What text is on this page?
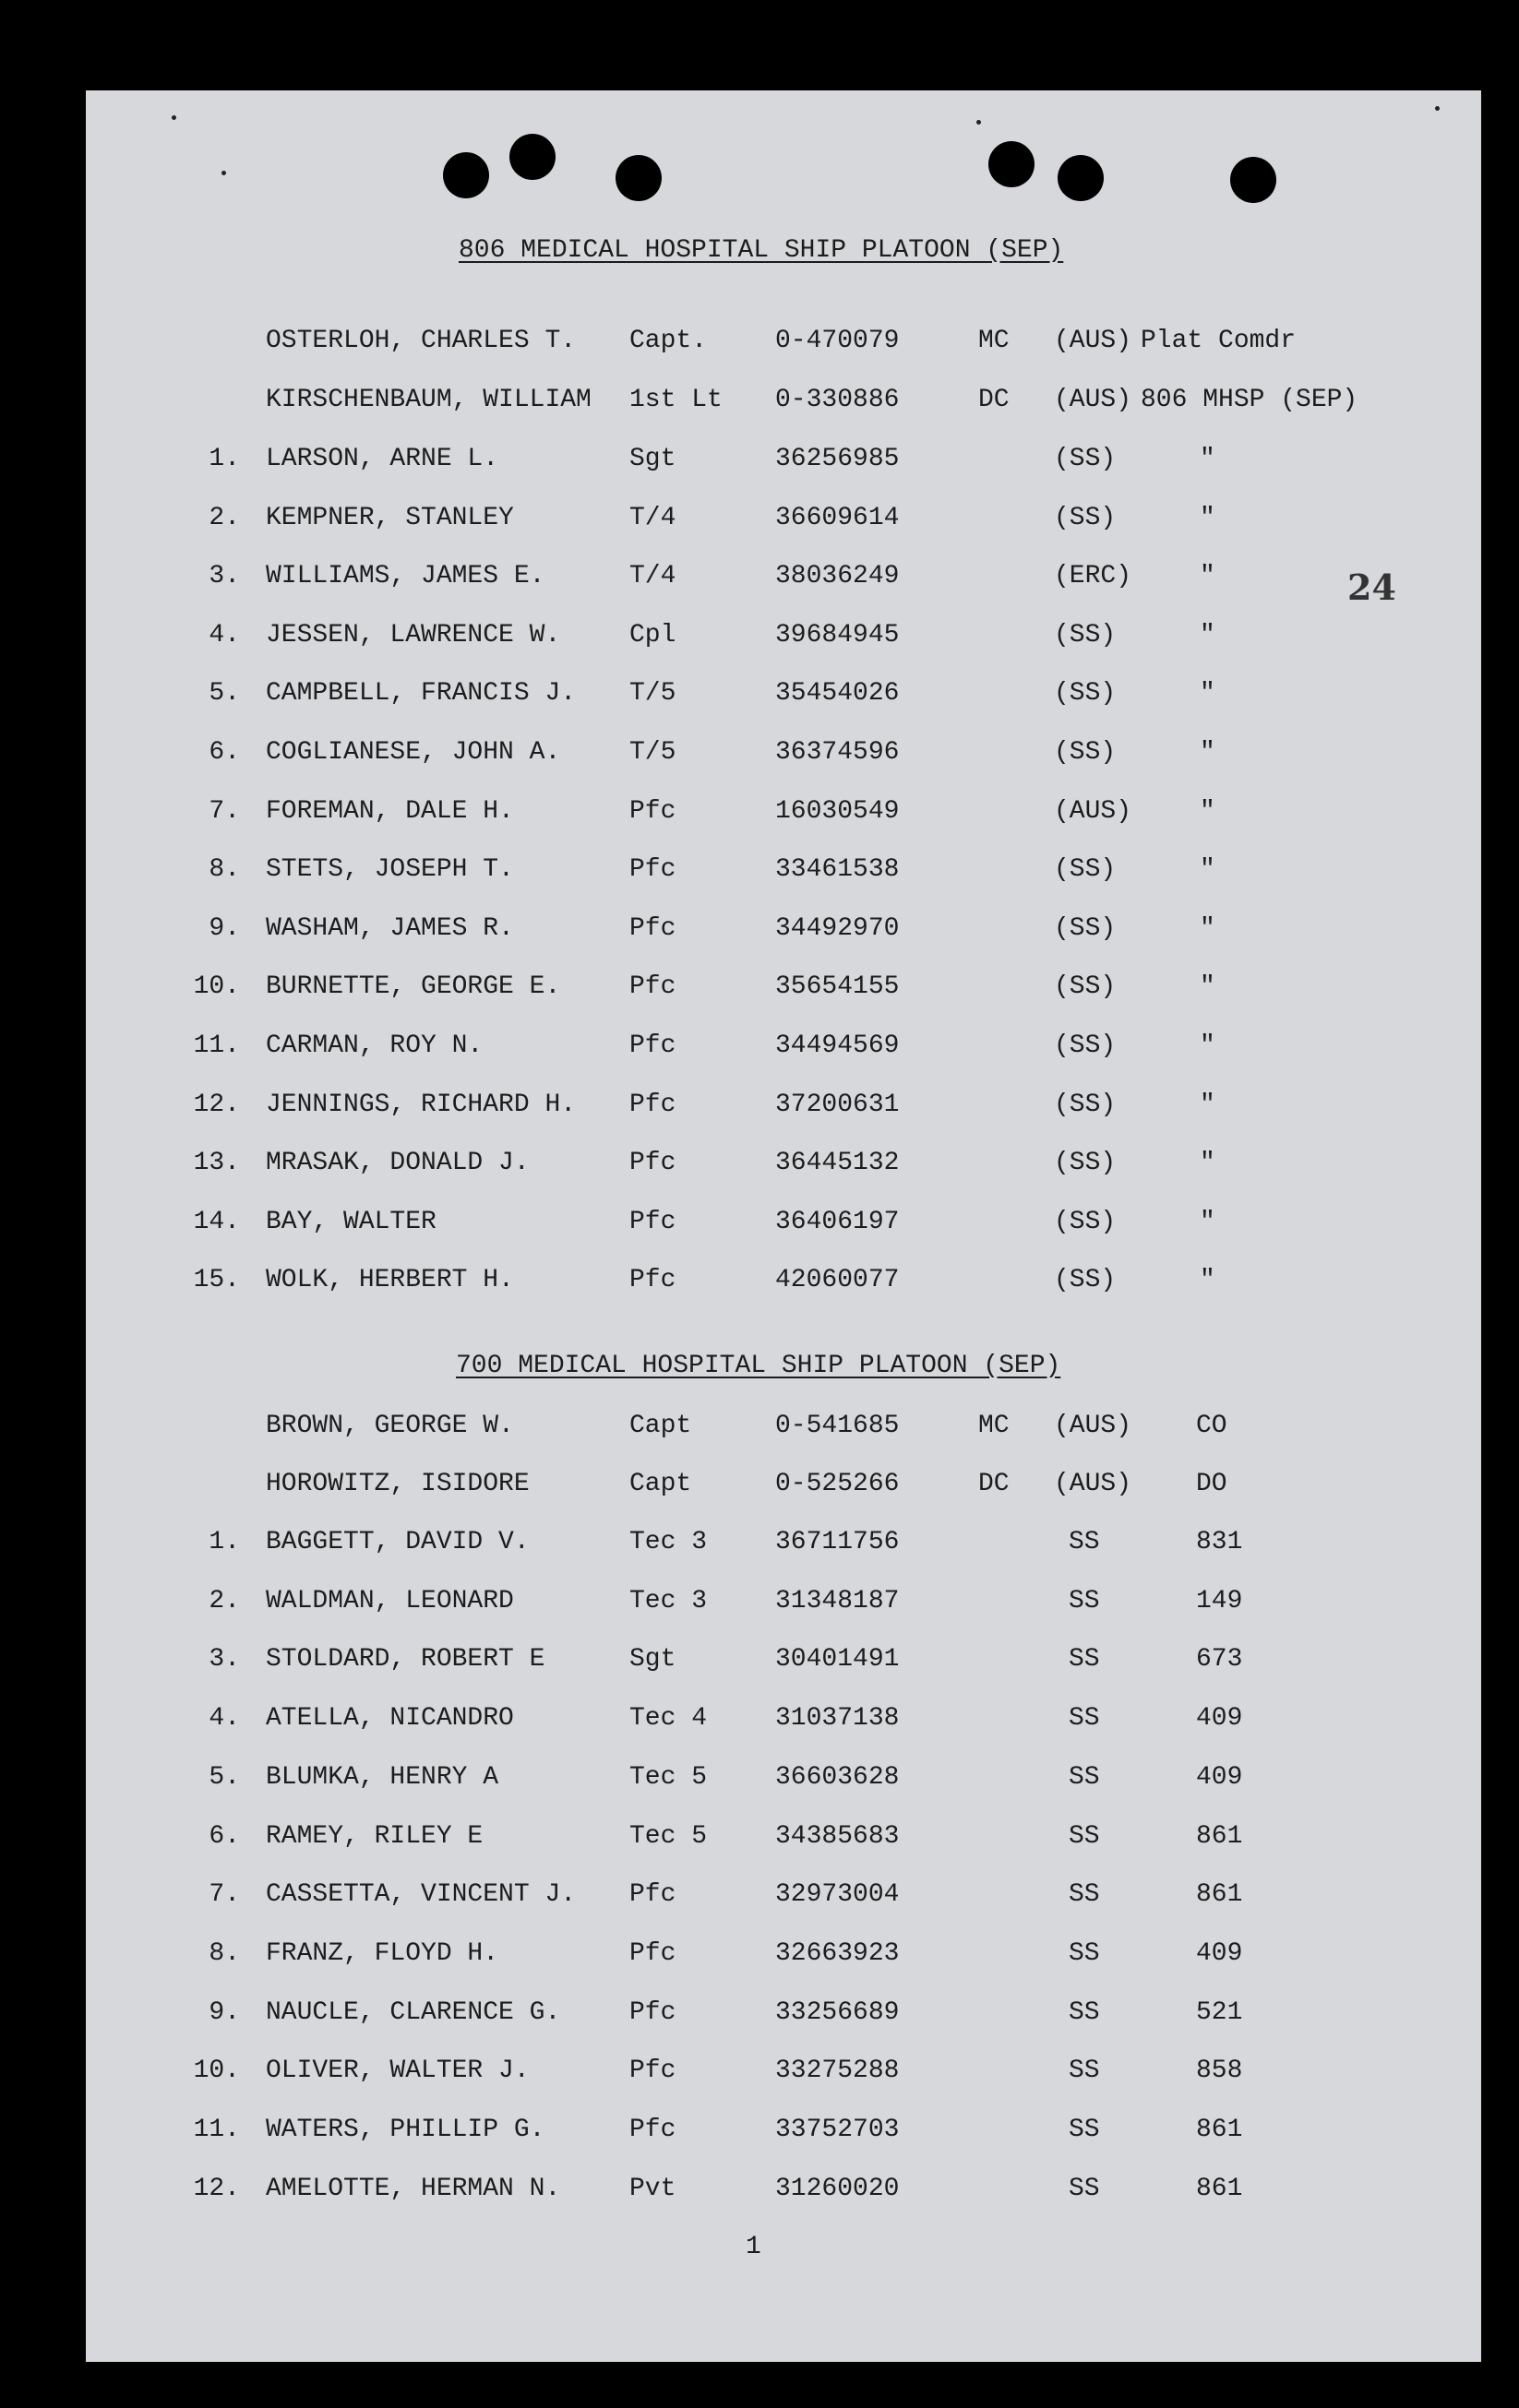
806 MEDICAL HOSPITAL SHIP PLATOON (SEP)
OSTERLOH, CHARLES T. Capt.	0-470079	MC (AUS) Plat Comdr
KIRSCHENBAUM, WILLIAM 1st Lt 0-330886	DC (AUS) 806 MHSP (SEP)
1. LARSON, ARNE L.	Sgt	36256985	(SS)	"
2. KEMPNER, STANLEY	T/4	36609614	(SS)	"
3. WILLIAMS, JAMES E.	T/4	38036249	(ERC)	"
4. JESSEN, LAWRENCE W.	Cpl	39684945	(SS)	"
5. CAMPBELL, FRANCIS J. T/5	35454026	(SS)	"
6. COGLIANESE, JOHN A.	T/5	36374596	(SS)	"
7. FOREMAN, DALE H.	Pfc	16030549	(AUS)	"
8. STETS, JOSEPH T.	Pfc	33461538	(SS)	"
9. WASHAM, JAMES R.	Pfc	34492970	(SS)	"
10. BURNETTE, GEORGE E.	Pfc	35654155	(SS)	"
11. CARMAN, ROY N.	Pfc	34494569	(SS)	"
12. JENNINGS, RICHARD H. Pfc	37200631	(SS)	"
13. MRASAK, DONALD J.	Pfc	36445132	(SS)	"
14. BAY, WALTER	Pfc	36406197	(SS)	"
15. WOLK, HERBERT H.	Pfc	42060077	(SS)	"
24
700 MEDICAL HOSPITAL SHIP PLATOON (SEP)
BROWN, GEORGE W.	Capt	0-541685	MC (AUS) CO
HOROWITZ, ISIDORE	Capt	0-525266	DC (AUS) DO
1. BAGGETT, DAVID V.	Tec 3	36711756	SS	831
2. WALDMAN, LEONARD	Tec 3	31348187	SS	149
3. STOLDARD, ROBERT E	Sgt	30401491	SS	673
4. ATELLA, NICANDRO	Tec 4	31037138	SS	409
5. BLUMKA, HENRY A	Tec 5	36603628	SS	409
6. RAMEY, RILEY E	Tec 5	34385683	SS	861
7. CASSETTA, VINCENT J. Pfc	32973004	SS	861
8. FRANZ, FLOYD H.	Pfc	32663923	SS	409
9. NAUCLE, CLARENCE G.	Pfc	33256689	SS	521
10. OLIVER, WALTER J.	Pfc	33275288	SS	858
11. WATERS, PHILLIP G.	Pfc	33752703	SS	861
12. AMELOTTE, HERMAN N.	Pvt	31260020	SS	861
1
